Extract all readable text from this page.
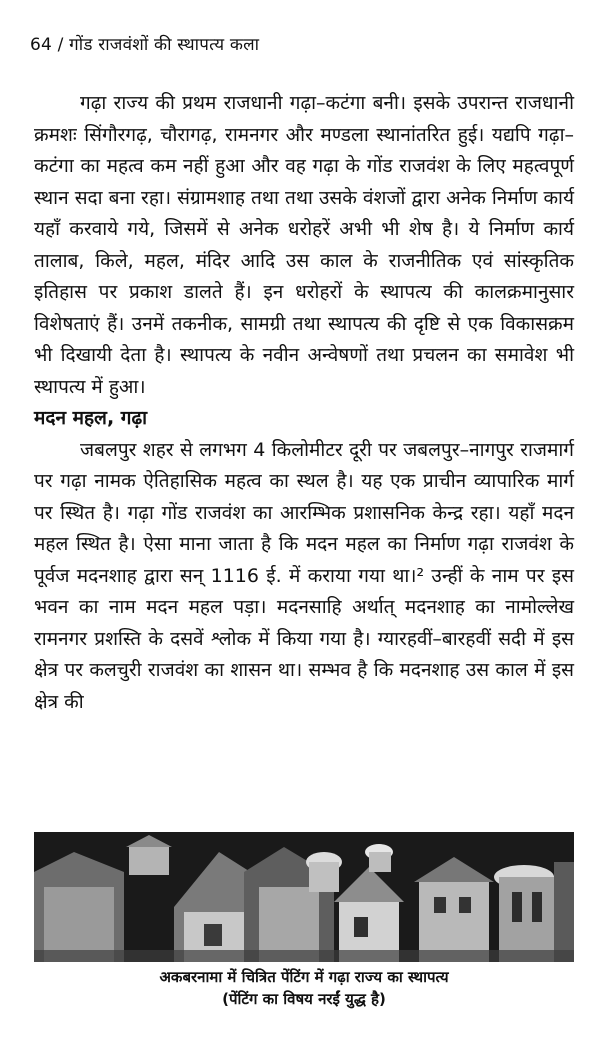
64 / गोंड राजवंशों की स्थापत्य कला

गढ़ा राज्य की प्रथम राजधानी गढ़ा–कटंगा बनी। इसके उपरान्त राजधानी क्रमशः सिंगौरगढ़, चौरागढ़, रामनगर और मण्डला स्थानांतरित हुई। यद्यपि गढ़ा–कटंगा का महत्व कम नहीं हुआ और वह गढ़ा के गोंड राजवंश के लिए महत्वपूर्ण स्थान सदा बना रहा। संग्रामशाह तथा तथा उसके वंशजों द्वारा अनेक निर्माण कार्य यहाँ करवाये गये, जिसमें से अनेक धरोहरें अभी भी शेष है। ये निर्माण कार्य तालाब, किले, महल, मंदिर आदि उस काल के राजनीतिक एवं सांस्कृतिक इतिहास पर प्रकाश डालते हैं। इन धरोहरों के स्थापत्य की कालक्रमानुसार विशेषताएं हैं। उनमें तकनीक, सामग्री तथा स्थापत्य की दृष्टि से एक विकासक्रम भी दिखायी देता है। स्थापत्य के नवीन अन्वेषणों तथा प्रचलन का समावेश भी स्थापत्य में हुआ।

मदन महल, गढ़ा

जबलपुर शहर से लगभग 4 किलोमीटर दूरी पर जबलपुर–नागपुर राजमार्ग पर गढ़ा नामक ऐतिहासिक महत्व का स्थल है। यह एक प्राचीन व्यापारिक मार्ग पर स्थित है। गढ़ा गोंड राजवंश का आरम्भिक प्रशासनिक केन्द्र रहा। यहाँ मदन महल स्थित है। ऐसा माना जाता है कि मदन महल का निर्माण गढ़ा राजवंश के पूर्वज मदनशाह द्वारा सन् 1116 ई. में कराया गया था।² उन्हीं के नाम पर इस भवन का नाम मदन महल पड़ा। मदनसाहि अर्थात् मदनशाह का नामोल्लेख रामनगर प्रशस्ति के दसवें श्लोक में किया गया है। ग्यारहवीं–बारहवीं सदी में इस क्षेत्र पर कलचुरी राजवंश का शासन था। सम्भव है कि मदनशाह उस काल में इस क्षेत्र की

अकबरनामा में चित्रित पेंटिंग में गढ़ा राज्य का स्थापत्य
(पेंटिंग का विषय नरईं युद्ध है)
